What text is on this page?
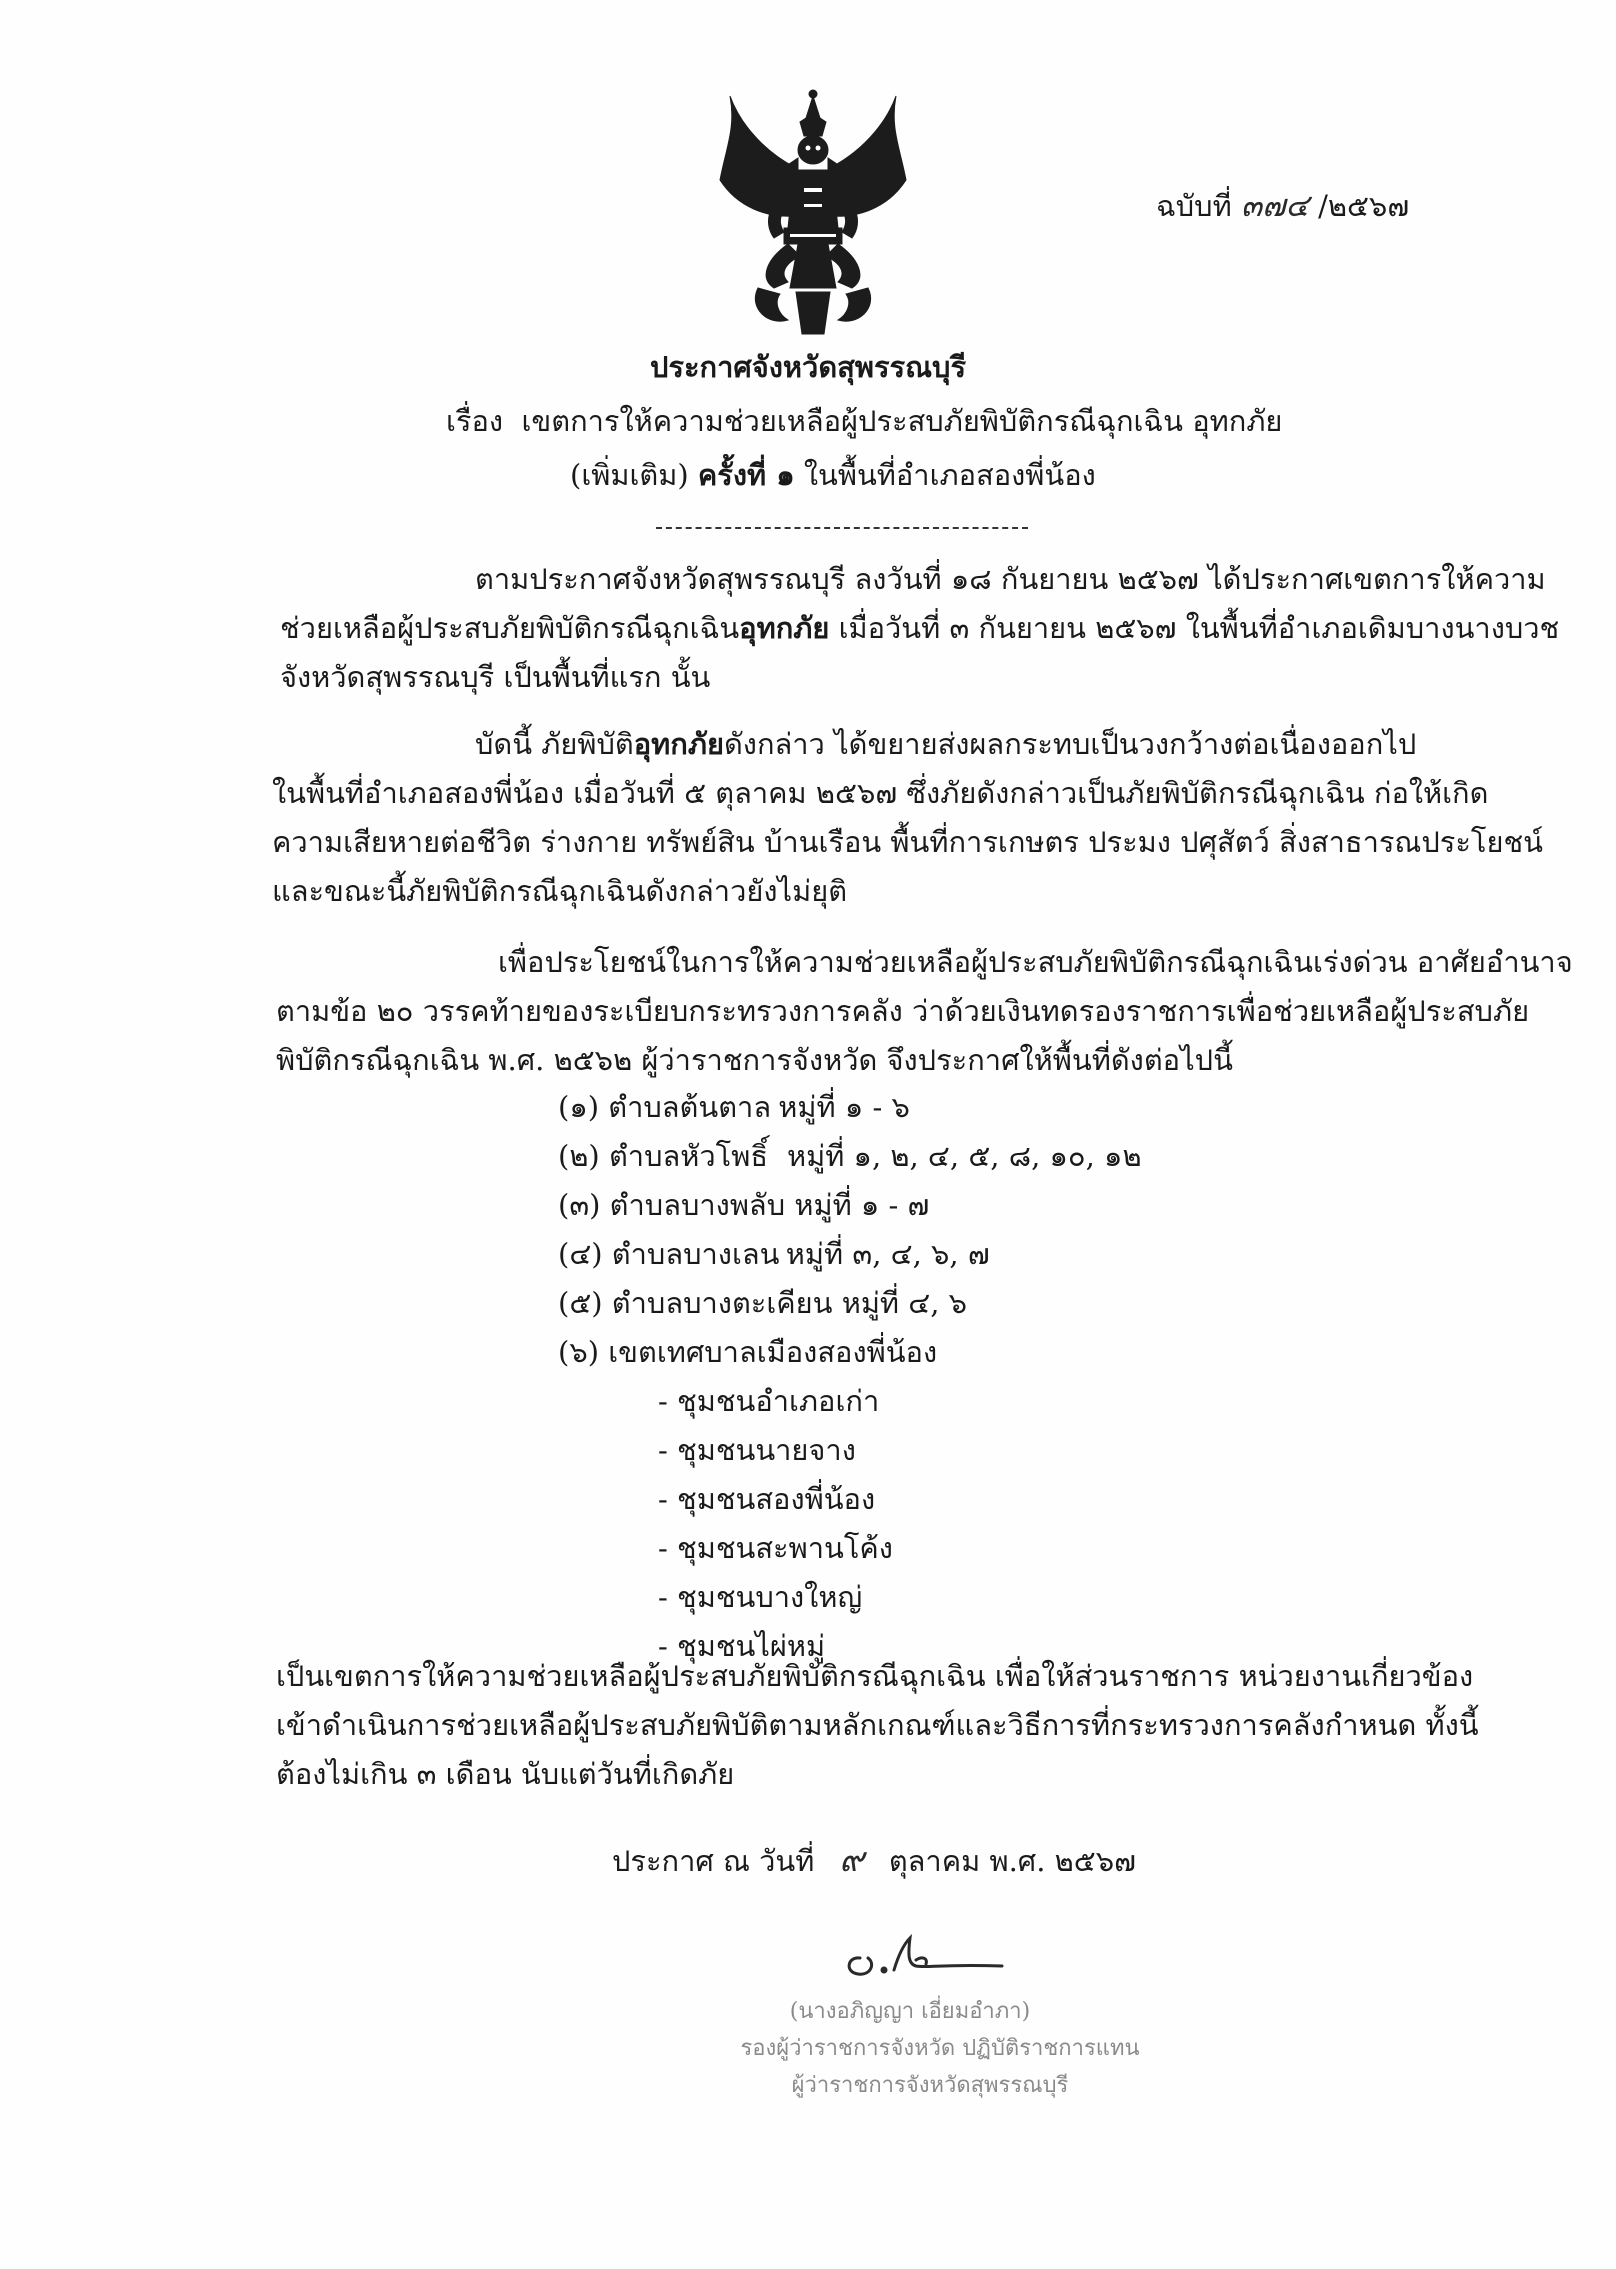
ฉบับที่ ๓๗๔ /๒๕๖๗
ประกาศจังหวัดสุพรรณบุรี
เรื่อง เขตการให้ความช่วยเหลือผู้ประสบภัยพิบัติกรณีฉุกเฉิน อุทกภัย
(เพิ่มเติม) ครั้งที่ ๑ ในพื้นที่อำเภอสองพี่น้อง
ตามประกาศจังหวัดสุพรรณบุรี ลงวันที่ ๑๘ กันยายน ๒๕๖๗ ได้ประกาศเขตการให้ความ
ช่วยเหลือผู้ประสบภัยพิบัติกรณีฉุกเฉินอุทกภัย เมื่อวันที่ ๓ กันยายน ๒๕๖๗ ในพื้นที่อำเภอเดิมบางนางบวช
จังหวัดสุพรรณบุรี เป็นพื้นที่แรก นั้น
บัดนี้ ภัยพิบัติอุทกภัยดังกล่าว ได้ขยายส่งผลกระทบเป็นวงกว้างต่อเนื่องออกไป
ในพื้นที่อำเภอสองพี่น้อง เมื่อวันที่ ๕ ตุลาคม ๒๕๖๗ ซึ่งภัยดังกล่าวเป็นภัยพิบัติกรณีฉุกเฉิน ก่อให้เกิด
ความเสียหายต่อชีวิต ร่างกาย ทรัพย์สิน บ้านเรือน พื้นที่การเกษตร ประมง ปศุสัตว์ สิ่งสาธารณประโยชน์
และขณะนี้ภัยพิบัติกรณีฉุกเฉินดังกล่าวยังไม่ยุติ
เพื่อประโยชน์ในการให้ความช่วยเหลือผู้ประสบภัยพิบัติกรณีฉุกเฉินเร่งด่วน อาศัยอำนาจ
ตามข้อ ๒๐ วรรคท้ายของระเบียบกระทรวงการคลัง ว่าด้วยเงินทดรองราชการเพื่อช่วยเหลือผู้ประสบภัย
พิบัติกรณีฉุกเฉิน พ.ศ. ๒๕๖๒ ผู้ว่าราชการจังหวัด จึงประกาศให้พื้นที่ดังต่อไปนี้
(๑) ตำบลต้นตาล หมู่ที่ ๑ - ๖
(๒) ตำบลหัวโพธิ์ หมู่ที่ ๑, ๒, ๔, ๕, ๘, ๑๐, ๑๒
(๓) ตำบลบางพลับ หมู่ที่ ๑ - ๗
(๔) ตำบลบางเลน หมู่ที่ ๓, ๔, ๖, ๗
(๕) ตำบลบางตะเคียน หมู่ที่ ๔, ๖
(๖) เขตเทศบาลเมืองสองพี่น้อง
- ชุมชนอำเภอเก่า
- ชุมชนนายจาง
- ชุมชนสองพี่น้อง
- ชุมชนสะพานโค้ง
- ชุมชนบางใหญ่
- ชุมชนไผ่หมู่
เป็นเขตการให้ความช่วยเหลือผู้ประสบภัยพิบัติกรณีฉุกเฉิน เพื่อให้ส่วนราชการ หน่วยงานเกี่ยวข้อง
เข้าดำเนินการช่วยเหลือผู้ประสบภัยพิบัติตามหลักเกณฑ์และวิธีการที่กระทรวงการคลังกำหนด ทั้งนี้
ต้องไม่เกิน ๓ เดือน นับแต่วันที่เกิดภัย
ประกาศ ณ วันที่ ๙ ตุลาคม พ.ศ. ๒๕๖๗
(นางอภิญญา เอี่ยมอำภา)
รองผู้ว่าราชการจังหวัด ปฏิบัติราชการแทน
ผู้ว่าราชการจังหวัดสุพรรณบุรี
